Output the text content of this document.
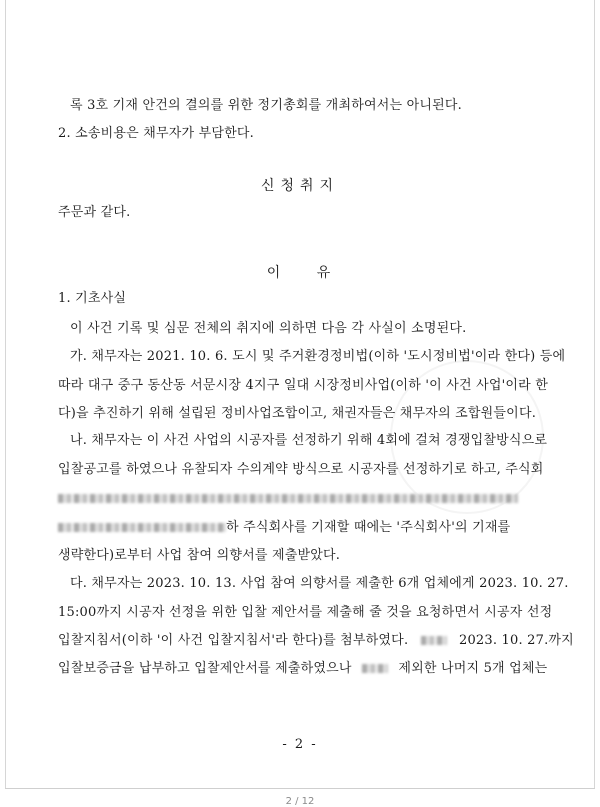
록 3호 기재 안건의 결의를 위한 정기총회를 개최하여서는 아니된다.
2. 소송비용은 채무자가 부담한다.
신청취지
주문과 같다.
이 유
1. 기초사실
이 사건 기록 및 심문 전체의 취지에 의하면 다음 각 사실이 소명된다.
가. 채무자는 2021. 10. 6. 도시 및 주거환경정비법(이하 '도시정비법'이라 한다) 등에
따라 대구 중구 동산동 서문시장 4지구 일대 시장정비사업(이하 '이 사건 사업'이라 한
다)을 추진하기 위해 설립된 정비사업조합이고, 채권자들은 채무자의 조합원들이다.
나. 채무자는 이 사건 사업의 시공자를 선정하기 위해 4회에 걸쳐 경쟁입찰방식으로
입찰공고를 하였으나 유찰되자 수의계약 방식으로 시공자를 선정하기로 하고, 주식회
하 주식회사를 기재할 때에는 '주식회사'의 기재를
생략한다)로부터 사업 참여 의향서를 제출받았다.
다. 채무자는 2023. 10. 13. 사업 참여 의향서를 제출한 6개 업체에게 2023. 10. 27.
15:00까지 시공자 선정을 위한 입찰 제안서를 제출해 줄 것을 요청하면서 시공자 선정
입찰지침서(이하 '이 사건 입찰지침서'라 한다)를 첨부하였다.	2023. 10. 27.까지
입찰보증금을 납부하고 입찰제안서를 제출하였으나	제외한 나머지 5개 업체는
- 2 -
2 / 12
